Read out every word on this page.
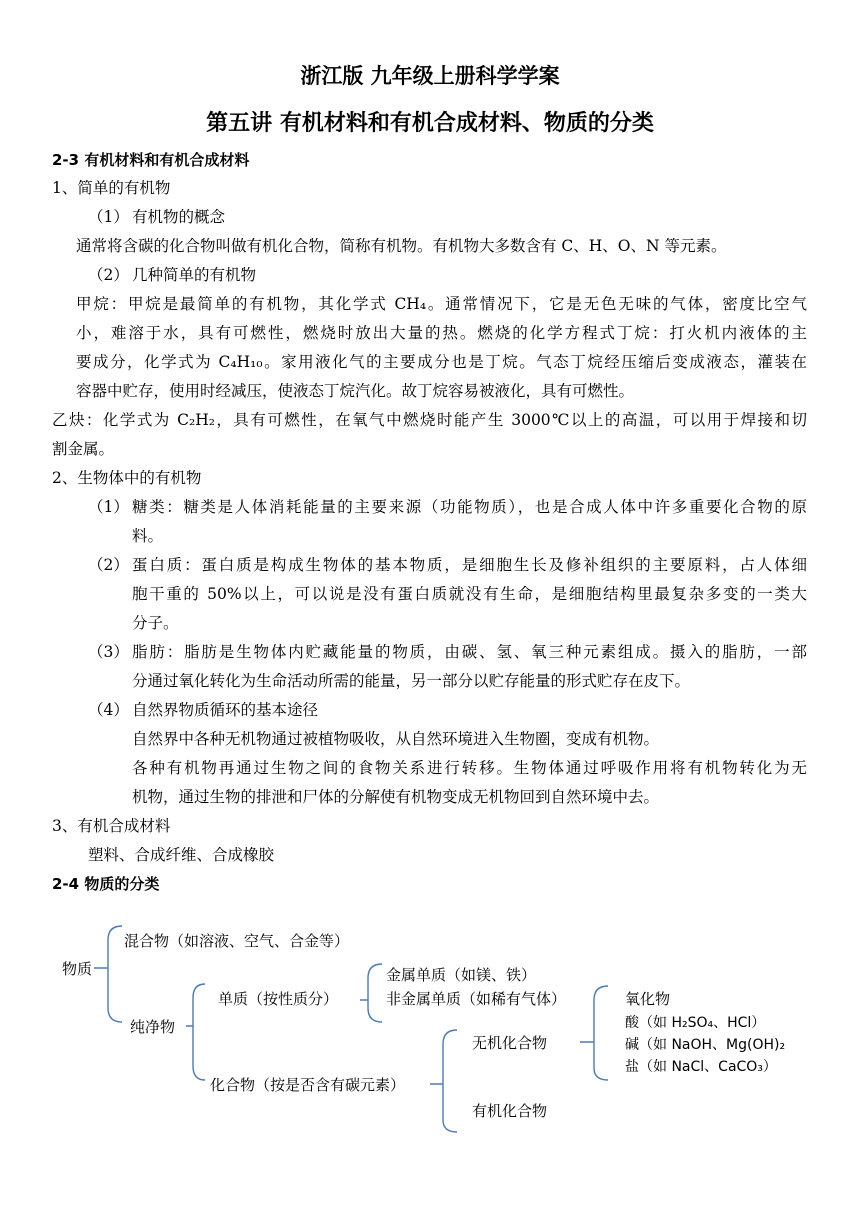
浙江版 九年级上册科学学案
第五讲 有机材料和有机合成材料、物质的分类
2-3 有机材料和有机合成材料
1、简单的有机物
（1） 有机物的概念
通常将含碳的化合物叫做有机化合物，简称有机物。有机物大多数含有 C、H、O、N 等元素。
（2） 几种简单的有机物
甲烷：甲烷是最简单的有机物，其化学式 CH₄。通常情况下，它是无色无味的气体，密度比空气
小，难溶于水，具有可燃性，燃烧时放出大量的热。燃烧的化学方程式丁烷：打火机内液体的主
要成分，化学式为 C₄H₁₀。家用液化气的主要成分也是丁烷。气态丁烷经压缩后变成液态，灌装在
容器中贮存，使用时经减压，使液态丁烷汽化。故丁烷容易被液化，具有可燃性。
乙炔：化学式为 C₂H₂，具有可燃性，在氧气中燃烧时能产生 3000℃以上的高温，可以用于焊接和切
割金属。
2、生物体中的有机物
（1） 糖类：糖类是人体消耗能量的主要来源（功能物质），也是合成人体中许多重要化合物的原
料。
（2） 蛋白质：蛋白质是构成生物体的基本物质，是细胞生长及修补组织的主要原料，占人体细
胞干重的 50%以上，可以说是没有蛋白质就没有生命，是细胞结构里最复杂多变的一类大
分子。
（3） 脂肪：脂肪是生物体内贮藏能量的物质，由碳、氢、氧三种元素组成。摄入的脂肪，一部
分通过氧化转化为生命活动所需的能量，另一部分以贮存能量的形式贮存在皮下。
（4） 自然界物质循环的基本途径
自然界中各种无机物通过被植物吸收，从自然环境进入生物圈，变成有机物。
各种有机物再通过生物之间的食物关系进行转移。生物体通过呼吸作用将有机物转化为无
机物，通过生物的排泄和尸体的分解使有机物变成无机物回到自然环境中去。
3、有机合成材料
塑料、合成纤维、合成橡胶
2-4 物质的分类
物质
混合物（如溶液、空气、合金等）
纯净物
单质（按性质分）
金属单质（如镁、铁）
非金属单质（如稀有气体）
化合物（按是否含有碳元素）
无机化合物
有机化合物
氧化物
酸（如 H₂SO₄、HCl）
碱（如 NaOH、Mg(OH)₂
盐（如 NaCl、CaCO₃）
